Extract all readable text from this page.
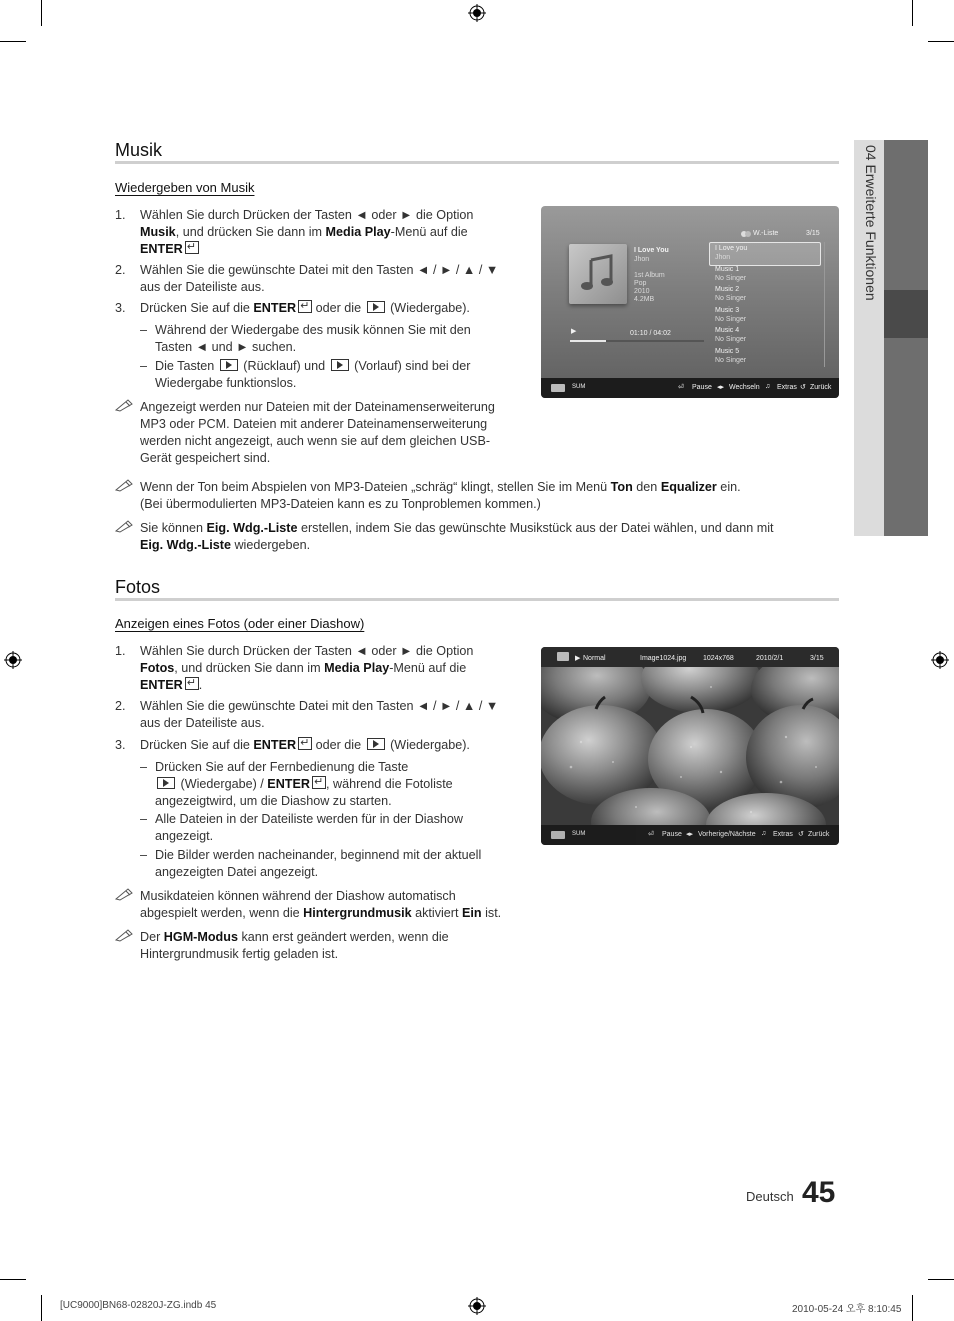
04 Erweiterte Funktionen
Musik
Wiedergeben von Musik
1. Wählen Sie durch Drücken der Tasten ◄ oder ► die Option
Musik, und drücken Sie dann im Media Play-Menü auf die
ENTER↵
2. Wählen Sie die gewünschte Datei mit den Tasten ◄ / ► / ▲ / ▼
aus der Dateiliste aus.
3. Drücken Sie auf die ENTER↵ oder die  (Wiedergabe).
– Während der Wiedergabe des musik können Sie mit den
Tasten ◄ und ► suchen.
– Die Tasten  (Rücklauf) und  (Vorlauf) sind bei der
Wiedergabe funktionslos.
Angezeigt werden nur Dateien mit der Dateinamenserweiterung
MP3 oder PCM. Dateien mit anderer Dateinamenserweiterung
werden nicht angezeigt, auch wenn sie auf dem gleichen USB-
Gerät gespeichert sind.
Wenn der Ton beim Abspielen von MP3-Dateien „schräg“ klingt, stellen Sie im Menü Ton den Equalizer ein.
(Bei übermodulierten MP3-Dateien kann es zu Tonproblemen kommen.)
Sie können Eig. Wdg.-Liste erstellen, indem Sie das gewünschte Musikstück aus der Datei wählen, und dann mit
Eig. Wdg.-Liste wiedergeben.
W.-Liste	3/15
I Love You
Jhon
1st Album
Pop
2010
4.2MB
▶	01:10 / 04:02
I Love you
Jhon
Music 1
No Singer
Music 2
No Singer
Music 3
No Singer
Music 4
No Singer
Music 5
No Singer
SUM	⏎ Pause ◂▸ Wechseln ♫ Extras ↺ Zurück
Fotos
Anzeigen eines Fotos (oder einer Diashow)
1. Wählen Sie durch Drücken der Tasten ◄ oder ► die Option
Fotos, und drücken Sie dann im Media Play-Menü auf die
ENTER ↵ .
2. Wählen Sie die gewünschte Datei mit den Tasten ◄ / ► / ▲ / ▼
aus der Dateiliste aus.
3. Drücken Sie auf die ENTER↵ oder die  (Wiedergabe).
– Drücken Sie auf der Fernbedienung die Taste
(Wiedergabe) / ENTER ↵ , während die Fotoliste
angezeigtwird, um die Diashow zu starten.
– Alle Dateien in der Dateiliste werden für in der Diashow
angezeigt.
– Die Bilder werden nacheinander, beginnend mit der aktuell
angezeigten Datei angezeigt.
Musikdateien können während der Diashow automatisch
abgespielt werden, wenn die Hintergrundmusik aktiviert Ein ist.
Der HGM-Modus kann erst geändert werden, wenn die
Hintergrundmusik fertig geladen ist.
▶ Normal	Image1024.jpg 1024x768	2010/2/1	3/15
SUM	⏎ Pause ◂▸ Vorherige/Nächste ♫ Extras ↺ Zurück
Deutsch 45
[UC9000]BN68-02820J-ZG.indb 45	2010-05-24 오후 8:10:45
